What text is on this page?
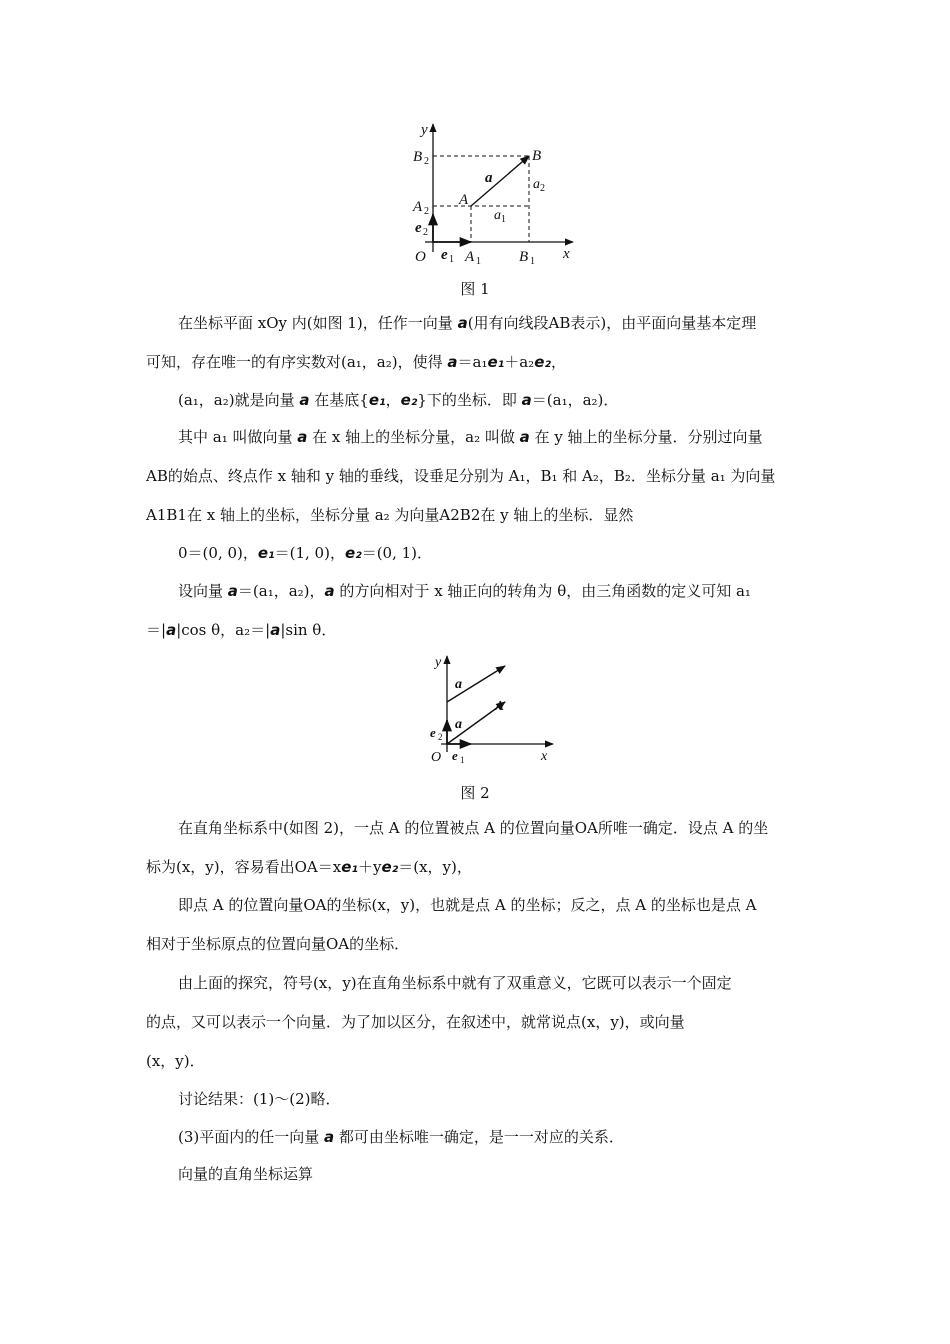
y
x
O
B 2
A 2
e 2
e 1 A 1	B 1
A
B
a
a 1
a 2
图 1
在坐标平面 xOy 内(如图 1)，任作一向量 a(用有向线段AB表示)，由平面向量基本定理
可知，存在唯一的有序实数对(a₁，a₂)，使得 a＝a₁e₁＋a₂e₂，
(a₁，a₂)就是向量 a 在基底{e₁，e₂}下的坐标．即 a＝(a₁，a₂)．
其中 a₁ 叫做向量 a 在 x 轴上的坐标分量，a₂ 叫做 a 在 y 轴上的坐标分量．分别过向量
AB的始点、终点作 x 轴和 y 轴的垂线，设垂足分别为 A₁，B₁ 和 A₂，B₂．坐标分量 a₁ 为向量
A1B1在 x 轴上的坐标，坐标分量 a₂ 为向量A2B2在 y 轴上的坐标．显然
0＝(0, 0)，e₁＝(1, 0)，e₂＝(0, 1)．
设向量 a＝(a₁，a₂)，a 的方向相对于 x 轴正向的转角为 θ，由三角函数的定义可知 a₁
＝|a|cos θ，a₂＝|a|sin θ．
y
x
O
a
a
A
e 2
e 1
图 2
在直角坐标系中(如图 2)，一点 A 的位置被点 A 的位置向量OA所唯一确定．设点 A 的坐
标为(x，y)，容易看出OA＝xe₁＋ye₂＝(x，y)，
即点 A 的位置向量OA的坐标(x，y)，也就是点 A 的坐标；反之，点 A 的坐标也是点 A
相对于坐标原点的位置向量OA的坐标．
由上面的探究，符号(x，y)在直角坐标系中就有了双重意义，它既可以表示一个固定
的点，又可以表示一个向量．为了加以区分，在叙述中，就常说点(x，y)，或向量
(x，y)．
讨论结果：(1)～(2)略．
(3)平面内的任一向量 a 都可由坐标唯一确定，是一一对应的关系．
向量的直角坐标运算
